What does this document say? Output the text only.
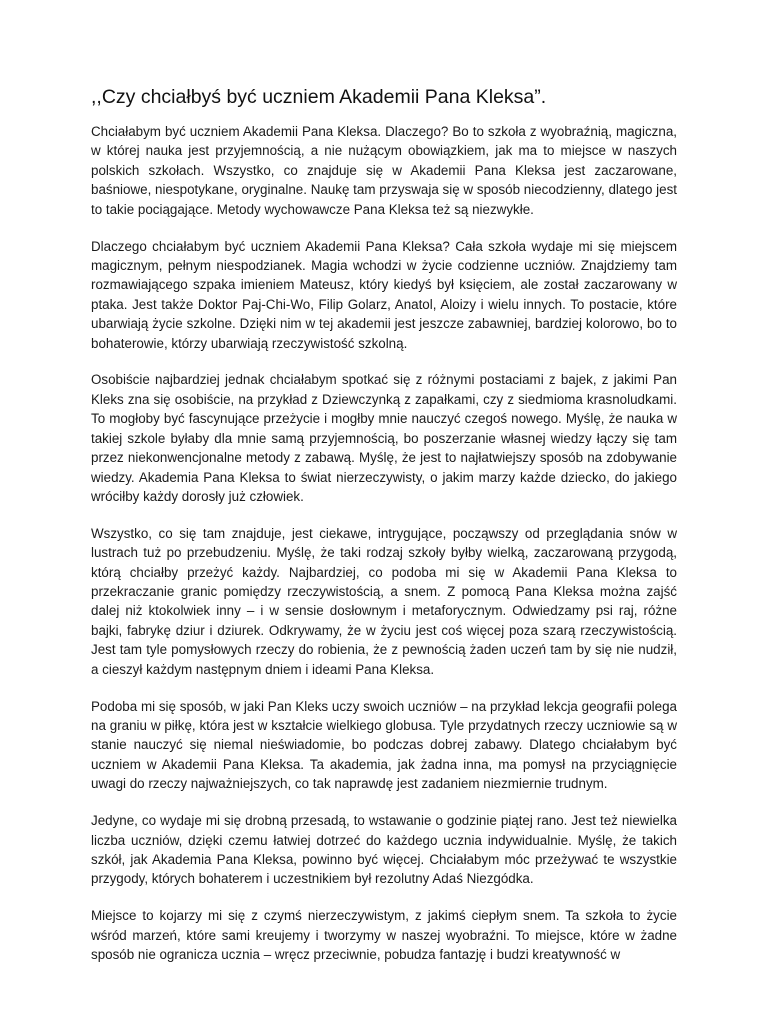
,,Czy chciałbyś być uczniem Akademii Pana Kleksa”.

Chciałabym być uczniem Akademii Pana Kleksa. Dlaczego? Bo to szkoła z wyobraźnią, magiczna, w której nauka jest przyjemnością, a nie nużącym obowiązkiem, jak ma to miejsce w naszych polskich szkołach. Wszystko, co znajduje się w Akademii Pana Kleksa jest zaczarowane, baśniowe, niespotykane, oryginalne. Naukę tam przyswaja się w sposób niecodzienny, dlatego jest to takie pociągające. Metody wychowawcze Pana Kleksa też są niezwykłe.

Dlaczego chciałabym być uczniem Akademii Pana Kleksa? Cała szkoła wydaje mi się miejscem magicznym, pełnym niespodzianek. Magia wchodzi w życie codzienne uczniów. Znajdziemy tam rozmawiającego szpaka imieniem Mateusz, który kiedyś był księciem, ale został zaczarowany w ptaka. Jest także Doktor Paj-Chi-Wo, Filip Golarz, Anatol, Aloizy i wielu innych. To postacie, które ubarwiają życie szkolne. Dzięki nim w tej akademii jest jeszcze zabawniej, bardziej kolorowo, bo to bohaterowie, którzy ubarwiają rzeczywistość szkolną.

Osobiście najbardziej jednak chciałabym spotkać się z różnymi postaciami z bajek, z jakimi Pan Kleks zna się osobiście, na przykład z Dziewczynką z zapałkami, czy z siedmioma krasnoludkami. To mogłoby być fascynujące przeżycie i mogłby mnie nauczyć czegoś nowego. Myślę, że nauka w takiej szkole byłaby dla mnie samą przyjemnością, bo poszerzanie własnej wiedzy łączy się tam przez niekonwencjonalne metody z zabawą. Myślę, że jest to najłatwiejszy sposób na zdobywanie wiedzy. Akademia Pana Kleksa to świat nierzeczywisty, o jakim marzy każde dziecko, do jakiego wróciłby każdy dorosły już człowiek.

Wszystko, co się tam znajduje, jest ciekawe, intrygujące, począwszy od przeglądania snów w lustrach tuż po przebudzeniu. Myślę, że taki rodzaj szkoły byłby wielką, zaczarowaną przygodą, którą chciałby przeżyć każdy. Najbardziej, co podoba mi się w Akademii Pana Kleksa to przekraczanie granic pomiędzy rzeczywistością, a snem. Z pomocą Pana Kleksa można zajść dalej niż ktokolwiek inny – i w sensie dosłownym i metaforycznym. Odwiedzamy psi raj, różne bajki, fabrykę dziur i dziurek. Odkrywamy, że w życiu jest coś więcej poza szarą rzeczywistością. Jest tam tyle pomysłowych rzeczy do robienia, że z pewnością żaden uczeń tam by się nie nudził, a cieszył każdym następnym dniem i ideami Pana Kleksa.

Podoba mi się sposób, w jaki Pan Kleks uczy swoich uczniów – na przykład lekcja geografii polega na graniu w piłkę, która jest w kształcie wielkiego globusa. Tyle przydatnych rzeczy uczniowie są w stanie nauczyć się niemal nieświadomie, bo podczas dobrej zabawy. Dlatego chciałabym być uczniem w Akademii Pana Kleksa. Ta akademia, jak żadna inna, ma pomysł na przyciągnięcie uwagi do rzeczy najważniejszych, co tak naprawdę jest zadaniem niezmiernie trudnym.

Jedyne, co wydaje mi się drobną przesadą, to wstawanie o godzinie piątej rano. Jest też niewielka liczba uczniów, dzięki czemu łatwiej dotrzeć do każdego ucznia indywidualnie. Myślę, że takich szkół, jak Akademia Pana Kleksa, powinno być więcej. Chciałabym móc przeżywać te wszystkie przygody, których bohaterem i uczestnikiem był rezolutny Adaś Niezgódka.

Miejsce to kojarzy mi się z czymś nierzeczywistym, z jakimś ciepłym snem. Ta szkoła to życie wśród marzeń, które sami kreujemy i tworzymy w naszej wyobraźni. To miejsce, które w żadne sposób nie ogranicza ucznia – wręcz przeciwnie, pobudza fantazję i budzi kreatywność w
